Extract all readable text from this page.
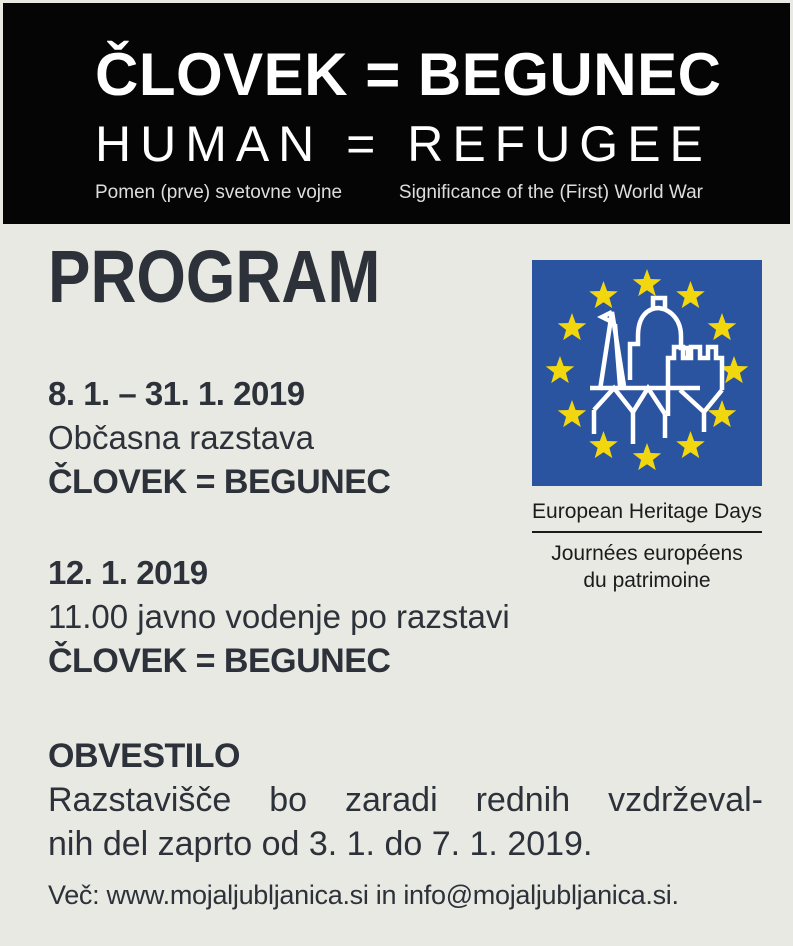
ČLOVEK = BEGUNEC
H U M A N
=
R E F U G E E
Pomen (prve) svetovne vojne	Significance of the (First) World War
PROGRAM
8. 1. – 31. 1. 2019
Občasna razstava
ČLOVEK = BEGUNEC
12. 1. 2019
11.00 javno vodenje po razstavi
ČLOVEK = BEGUNEC
OBVESTILO
Razstavišče bo zaradi rednih vzdrževal-
nih del zaprto od 3. 1. do 7. 1. 2019.
Več: www.mojaljubljanica.si in info@mojaljubljanica.si.
European Heritage Days
Journées européens
du patrimoine
